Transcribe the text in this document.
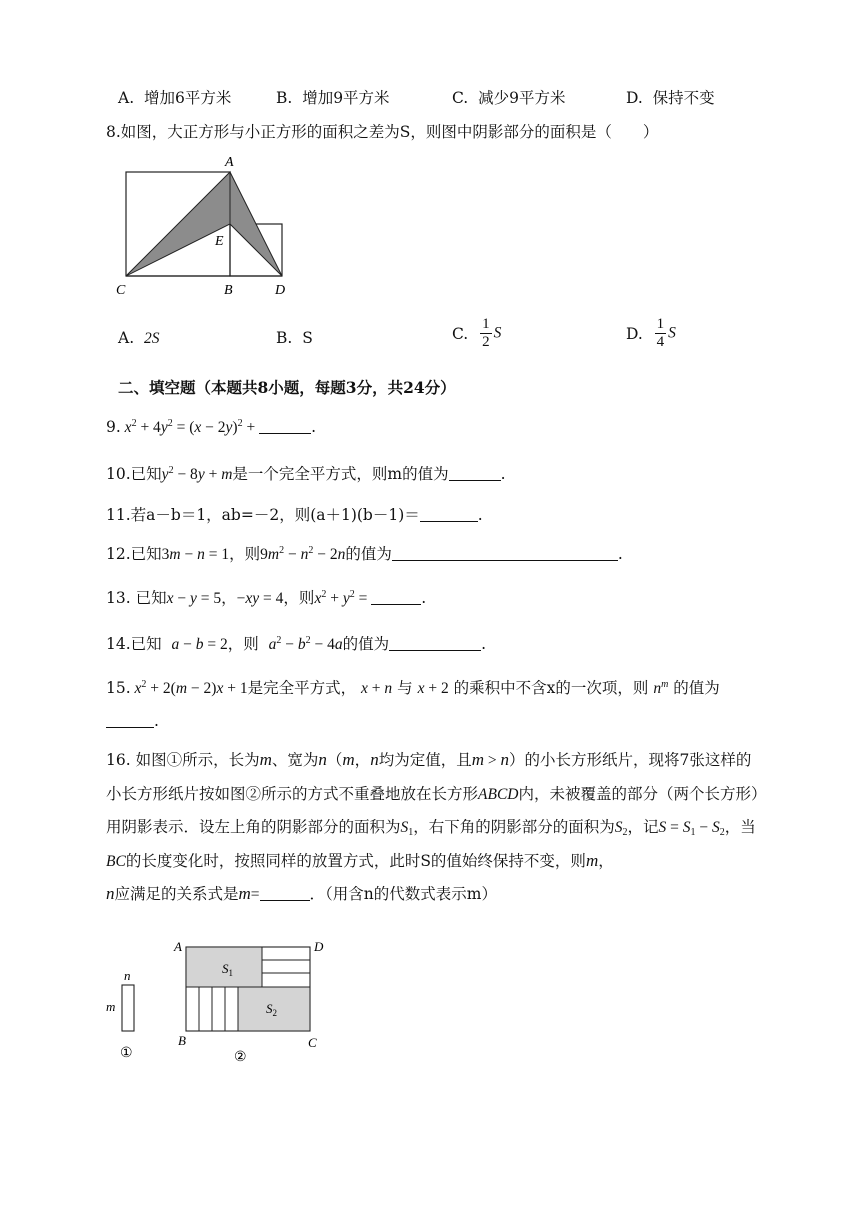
A. 增加6平方米	B. 增加9平方米	C. 减少9平方米	D. 保持不变
8.如图，大正方形与小正方形的面积之差为S，则图中阴影部分的面积是（　　）
A
E
C	B	D
A. 2S	B. S	C. $\frac{1}{2}$ S	D. $\frac{1}{4}$ S
二、填空题（本题共8小题，每题3分，共24分）
9. $x^2 + 4y^2 = (x - 2y)^2$ +	.
10.已知$y^2 - 8y + m$是一个完全平方式，则m的值为	.
11.若a－b＝1，ab=－2，则(a＋1)(b－1)＝	.
12.已知3m − n = 1，则$9m^2 - n^2 - 2n$的值为	.
13. 已知x − y = 5，−xy = 4，则$x^2 + y^2$ =	.
14.已知 a − b = 2，则 $a^2 - b^2 - 4a$的值为	.
15. $x^2 + 2(m - 2)x + 1$是完全平方式， x + n 与 x + 2 的乘积中不含x的一次项，则 $n^m$ 的值为
.
16. 如图①所示，长为m、宽为n（m，n均为定值，且m > n）的小长方形纸片，现将7张这样的小长方形纸片按如图②所示的方式不重叠地放在长方形ABCD内，未被覆盖的部分（两个长方形）用阴影表示．设左上角的阴影部分的面积为$S_1$，右下角的阴影部分的面积为$S_2$，记$S = S_1 - S_2$，当BC的长度变化时，按照同样的放置方式，此时S的值始终保持不变，则m，
n应满足的关系式是m=	．（用含n的代数式表示m）
n
m
①
A	D
B	C
$S_1$
$S_2$
②
